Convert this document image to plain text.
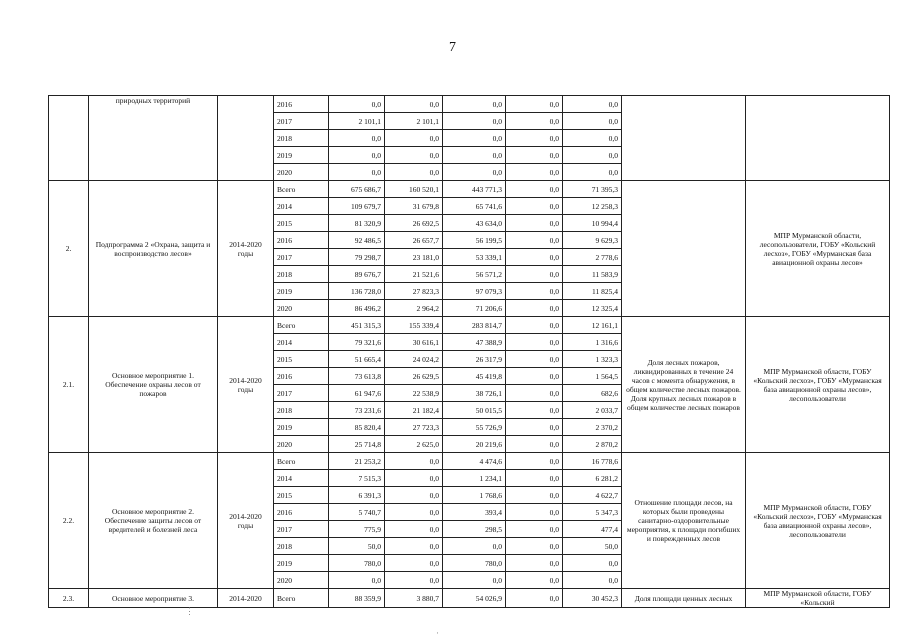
7
	природных территорий		2016	0,0	0,0	0,0	0,0	0,0		
			2017	2 101,1	2 101,1	0,0	0,0	0,0		
			2018	0,0	0,0	0,0	0,0	0,0		
			2019	0,0	0,0	0,0	0,0	0,0		
			2020	0,0	0,0	0,0	0,0	0,0		
2.	Подпрограмма 2 «Охрана, защита и воспроизводство лесов»	2014-2020 годы	Всего	675 686,7	160 520,1	443 771,3	0,0	71 395,3		МПР Мурманской области, лесопользователи, ГОБУ «Кольский лесхоз», ГОБУ «Мурманская база авиационной охраны лесов»
			2014	109 679,7	31 679,8	65 741,6	0,0	12 258,3		
			2015	81 320,9	26 692,5	43 634,0	0,0	10 994,4		
			2016	92 486,5	26 657,7	56 199,5	0,0	9 629,3		
			2017	79 298,7	23 181,0	53 339,1	0,0	2 778,6		
			2018	89 676,7	21 521,6	56 571,2	0,0	11 583,9		
			2019	136 728,0	27 823,3	97 079,3	0,0	11 825,4		
			2020	86 496,2	2 964,2	71 206,6	0,0	12 325,4		
2.1.	Основное мероприятие 1. Обеспечение охраны лесов от пожаров	2014-2020 годы	Всего	451 315,3	155 339,4	283 814,7	0,0	12 161,1	Доля лесных пожаров, ликвидированных в течение 24 часов с момента обнаружения, в общем количестве лесных пожаров. Доля крупных лесных пожаров в общем количестве лесных пожаров	МПР Мурманской области, ГОБУ «Кольский лесхоз», ГОБУ «Мурманская база авиационной охраны лесов», лесопользователи
			2014	79 321,6	30 616,1	47 388,9	0,0	1 316,6		
			2015	51 665,4	24 024,2	26 317,9	0,0	1 323,3		
			2016	73 613,8	26 629,5	45 419,8	0,0	1 564,5		
			2017	61 947,6	22 538,9	38 726,1	0,0	682,6		
			2018	73 231,6	21 182,4	50 015,5	0,0	2 033,7		
			2019	85 820,4	27 723,3	55 726,9	0,0	2 370,2		
			2020	25 714,8	2 625,0	20 219,6	0,0	2 870,2		
2.2.	Основное мероприятие 2. Обеспечение защиты лесов от вредителей и болезней леса	2014-2020 годы	Всего	21 253,2	0,0	4 474,6	0,0	16 778,6	Отношение площади лесов, на которых были проведены санитарно-оздоровительные мероприятия, к площади погибших и поврежденных лесов	МПР Мурманской области, ГОБУ «Кольский лесхоз», ГОБУ «Мурманская база авиационной охраны лесов», лесопользователи
			2014	7 515,3	0,0	1 234,1	0,0	6 281,2		
			2015	6 391,3	0,0	1 768,6	0,0	4 622,7		
			2016	5 740,7	0,0	393,4	0,0	5 347,3		
			2017	775,9	0,0	298,5	0,0	477,4		
			2018	50,0	0,0	0,0	0,0	50,0		
			2019	780,0	0,0	780,0	0,0	0,0		
			2020	0,0	0,0	0,0	0,0	0,0		
2.3.	Основное мероприятие 3.	2014-2020	Всего	88 359,9	3 880,7	54 026,9	0,0	30 452,3	Доля площади ценных лесных	МПР Мурманской области, ГОБУ «Кольский
⋮
·
